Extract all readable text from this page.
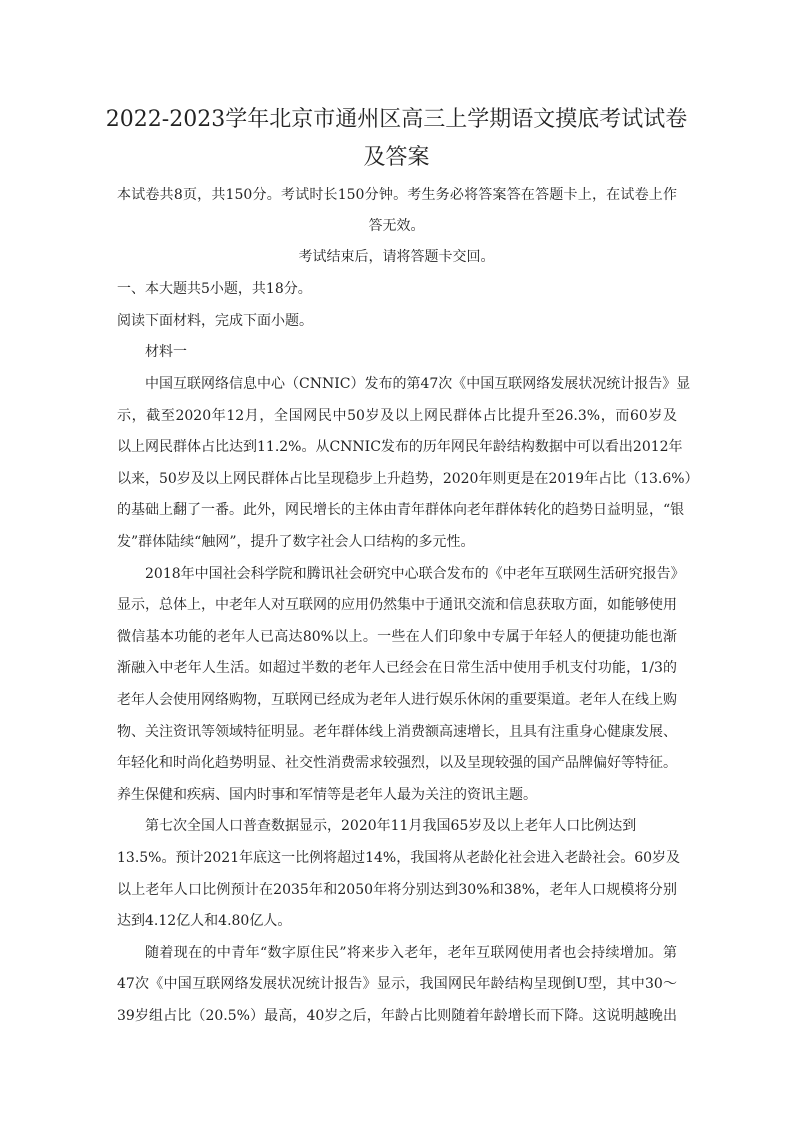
2022-2023学年北京市通州区高三上学期语文摸底考试试卷
及答案
本试卷共8页，共150分。考试时长150分钟。考生务必将答案答在答题卡上，在试卷上作
答无效。
考试结束后，请将答题卡交回。
一、本大题共5小题，共18分。
阅读下面材料，完成下面小题。
材料一
中国互联网络信息中心（CNNIC）发布的第47次《中国互联网络发展状况统计报告》显
示，截至2020年12月，全国网民中50岁及以上网民群体占比提升至26.3%，而60岁及
以上网民群体占比达到11.2%。从CNNIC发布的历年网民年龄结构数据中可以看出2012年
以来，50岁及以上网民群体占比呈现稳步上升趋势，2020年则更是在2019年占比（13.6%）
的基础上翻了一番。此外，网民增长的主体由青年群体向老年群体转化的趋势日益明显，“银
发”群体陆续“触网”，提升了数字社会人口结构的多元性。
2018年中国社会科学院和腾讯社会研究中心联合发布的《中老年互联网生活研究报告》
显示，总体上，中老年人对互联网的应用仍然集中于通讯交流和信息获取方面，如能够使用
微信基本功能的老年人已高达80%以上。一些在人们印象中专属于年轻人的便捷功能也渐
渐融入中老年人生活。如超过半数的老年人已经会在日常生活中使用手机支付功能，1/3的
老年人会使用网络购物，互联网已经成为老年人进行娱乐休闲的重要渠道。老年人在线上购
物、关注资讯等领域特征明显。老年群体线上消费额高速增长，且具有注重身心健康发展、
年轻化和时尚化趋势明显、社交性消费需求较强烈，以及呈现较强的国产品牌偏好等特征。
养生保健和疾病、国内时事和军情等是老年人最为关注的资讯主题。
第七次全国人口普查数据显示，2020年11月我国65岁及以上老年人口比例达到
13.5%。预计2021年底这一比例将超过14%，我国将从老龄化社会进入老龄社会。60岁及
以上老年人口比例预计在2035年和2050年将分别达到30%和38%，老年人口规模将分别
达到4.12亿人和4.80亿人。
随着现在的中青年“数字原住民”将来步入老年，老年互联网使用者也会持续增加。第
47次《中国互联网络发展状况统计报告》显示，我国网民年龄结构呈现倒U型，其中30～
39岁组占比（20.5%）最高，40岁之后，年龄占比则随着年龄增长而下降。这说明越晚出
